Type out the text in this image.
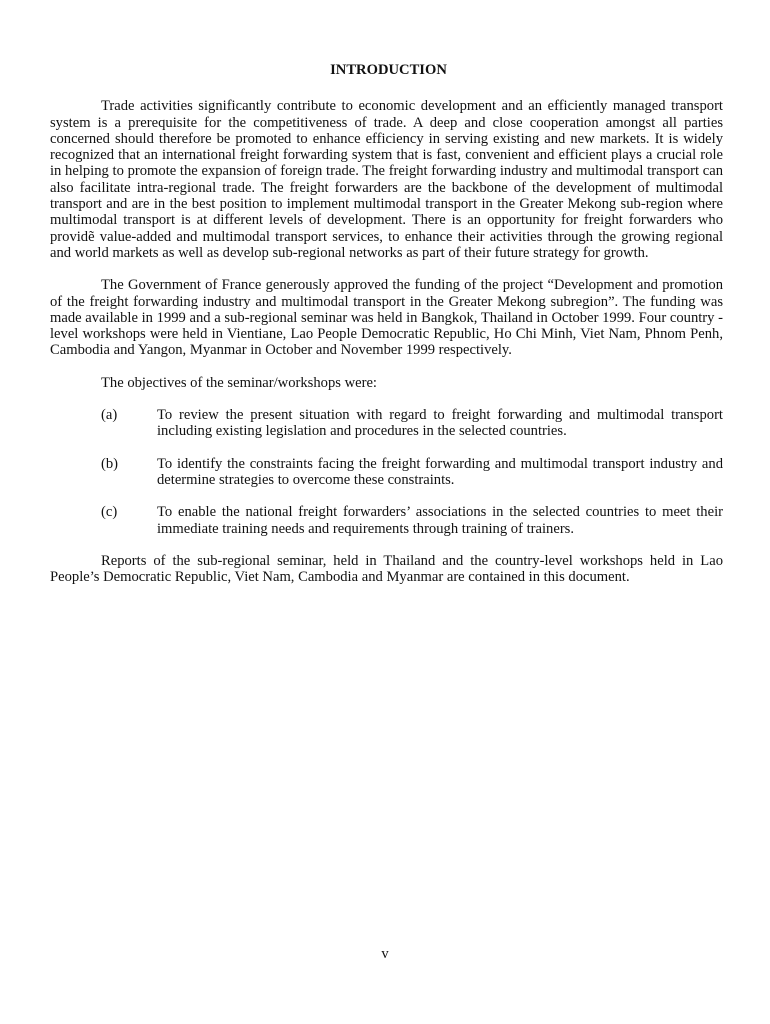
INTRODUCTION

Trade activities significantly contribute to economic development and an efficiently managed transport system is a prerequisite for the competitiveness of trade. A deep and close cooperation amongst all parties concerned should therefore be promoted to enhance efficiency in serving existing and new markets. It is widely recognized that an international freight forwarding system that is fast, convenient and efficient plays a crucial role in helping to promote the expansion of foreign trade. The freight forwarding industry and multimodal transport can also facilitate intra-regional trade. The freight forwarders are the backbone of the development of multimodal transport and are in the best position to implement multimodal transport in the Greater Mekong sub-region where multimodal transport is at different levels of development. There is an opportunity for freight forwarders who providẽ value-added and multimodal transport services, to enhance their activities through the growing regional and world markets as well as develop sub-regional networks as part of their future strategy for growth.

The Government of France generously approved the funding of the project “Development and promotion of the freight forwarding industry and multimodal transport in the Greater Mekong subregion”. The funding was made available in 1999 and a sub-regional seminar was held in Bangkok, Thailand in October 1999. Four country - level workshops were held in Vientiane, Lao People Democratic Republic, Ho Chi Minh, Viet Nam, Phnom Penh, Cambodia and Yangon, Myanmar in October and November 1999 respectively.

The objectives of the seminar/workshops were:

(a)	To review the present situation with regard to freight forwarding and multimodal transport including existing legislation and procedures in the selected countries.
(b)	To identify the constraints facing the freight forwarding and multimodal transport industry and determine strategies to overcome these constraints.
(c)	To enable the national freight forwarders’ associations in the selected countries to meet their immediate training needs and requirements through training of trainers.

Reports of the sub-regional seminar, held in Thailand and the country-level workshops held in Lao People’s Democratic Republic, Viet Nam, Cambodia and Myanmar are contained in this document.

v
